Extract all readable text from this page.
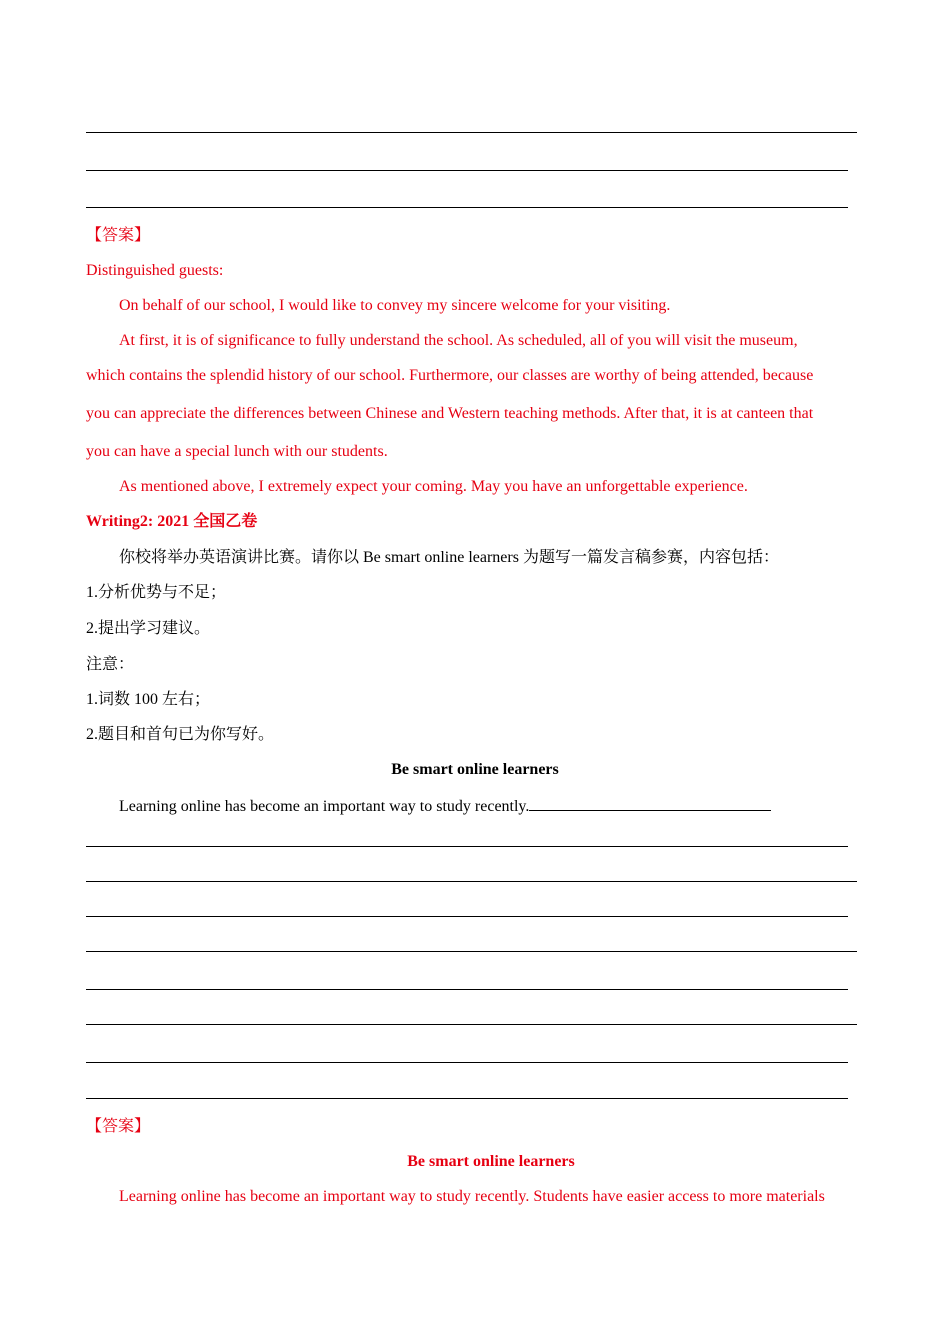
【答案】
Distinguished guests:
On behalf of our school, I would like to convey my sincere welcome for your visiting.
At first, it is of significance to fully understand the school. As scheduled, all of you will visit the museum,
which contains the splendid history of our school. Furthermore, our classes are worthy of being attended, because
you can appreciate the differences between Chinese and Western teaching methods. After that, it is at canteen that
you can have a special lunch with our students.
As mentioned above, I extremely expect your coming. May you have an unforgettable experience.
Writing2: 2021 全国乙卷
你校将举办英语演讲比赛。请你以 Be smart online learners 为题写一篇发言稿参赛，内容包括：
1.分析优势与不足；
2.提出学习建议。
注意：
1.词数 100 左右；
2.题目和首句已为你写好。
Be smart online learners
Learning online has become an important way to study recently.
【答案】
Be smart online learners
Learning online has become an important way to study recently. Students have easier access to more materials
